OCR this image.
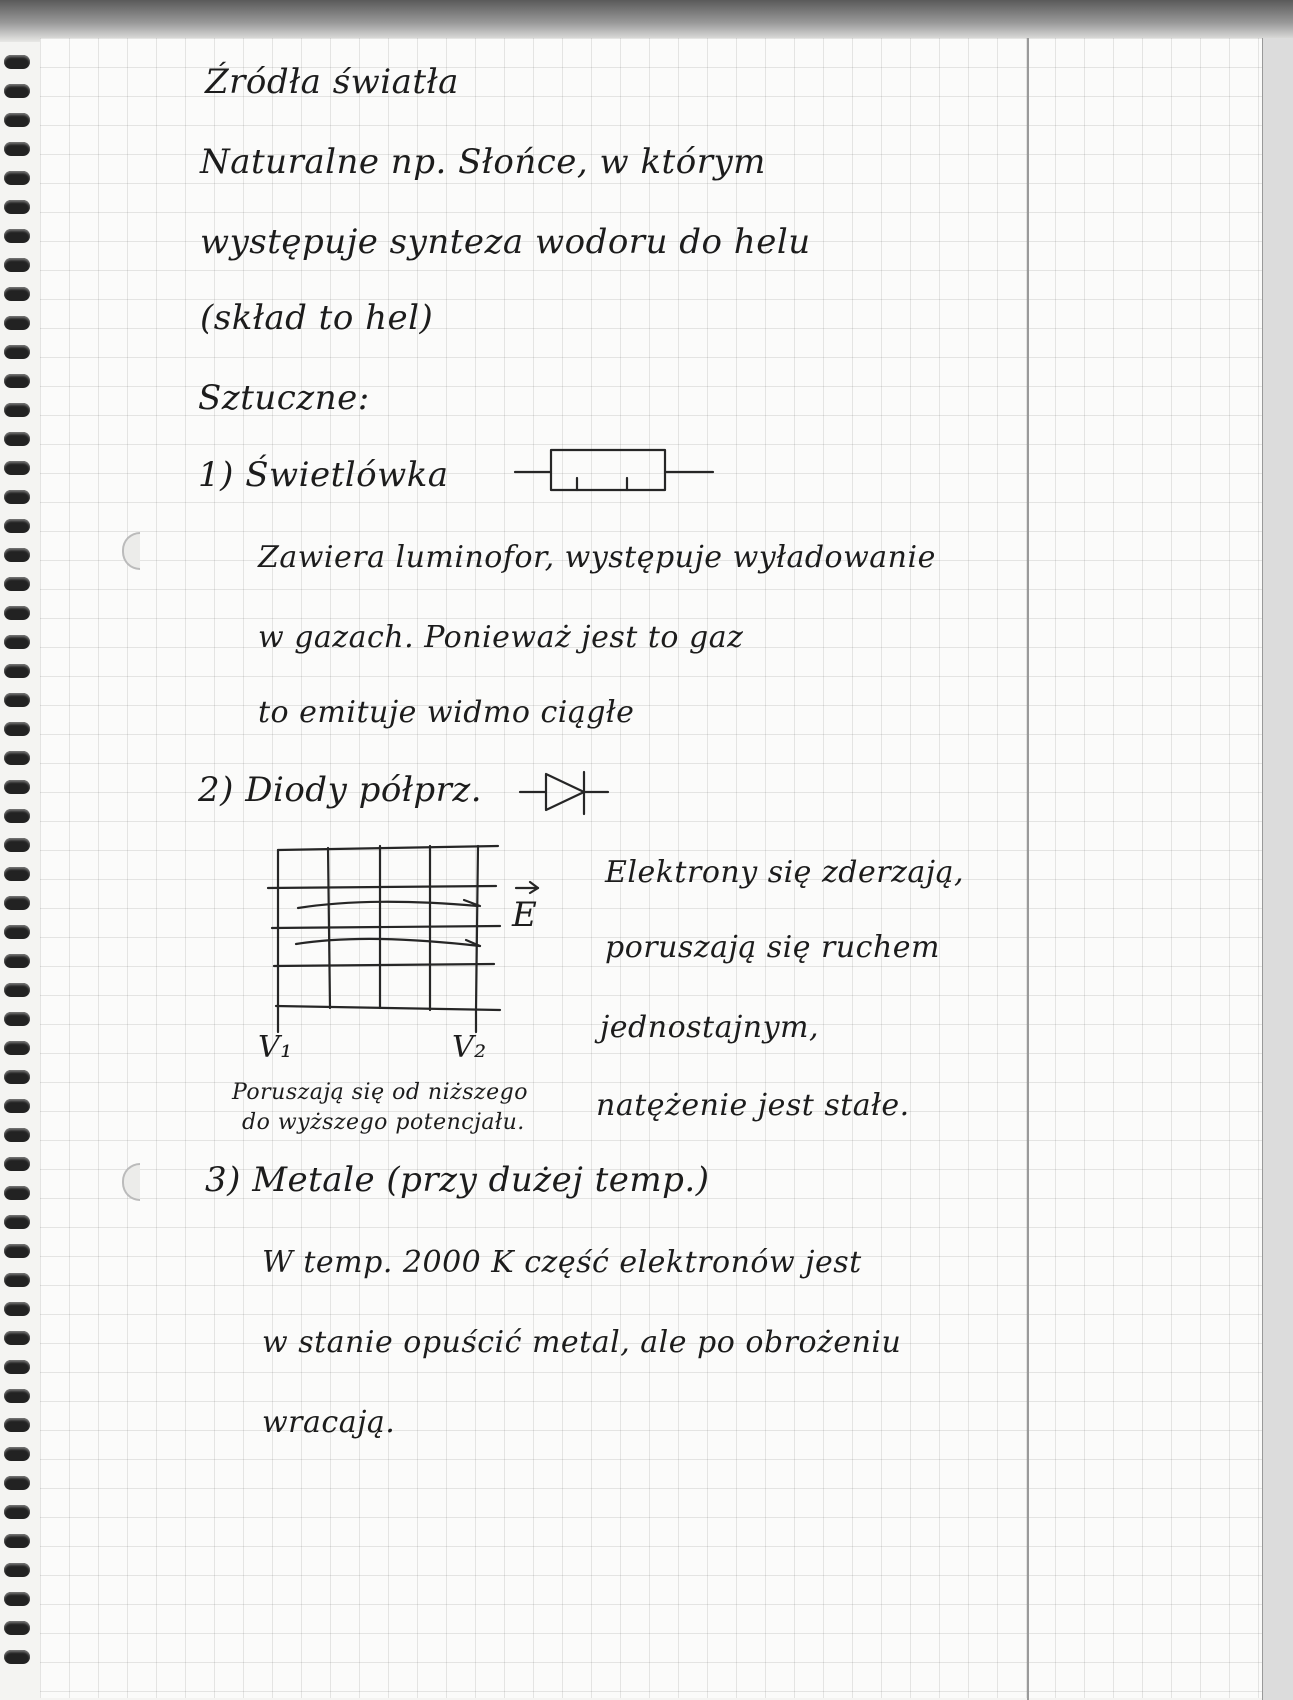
Źródła światła

Naturalne np. Słońce, w którym

występuje synteza wodoru do helu

(skład to hel)

Sztuczne:

1) Świetlówka

Zawiera luminofor, występuje wyładowanie

w gazach. Ponieważ jest to gaz

to emituje widmo ciągłe

2) Diody półprz.

E

V₁	V₂

Elektrony się zderzają,

poruszają się ruchem

jednostajnym,

Poruszają się od niższego

do wyższego potencjału. natężenie jest stałe.

3) Metale (przy dużej temp.)

W temp. 2000 K część elektronów jest

w stanie opuścić metal, ale po obrożeniu

wracają.
